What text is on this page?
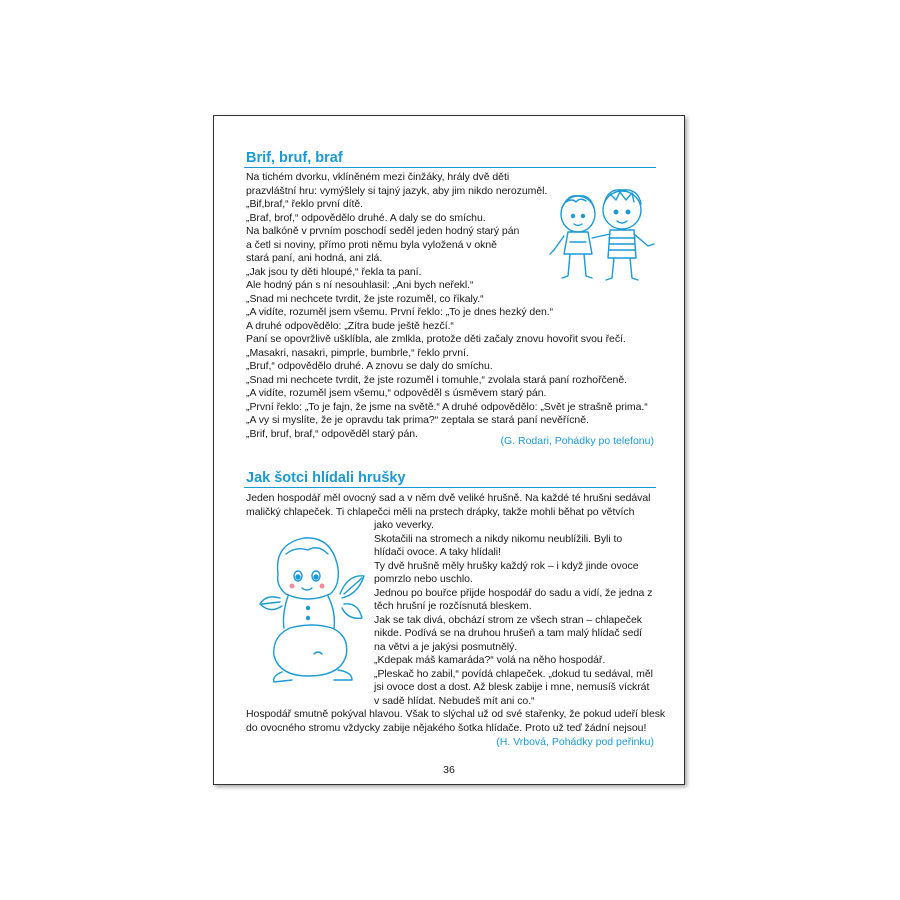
Brif, bruf, braf
Na tichém dvorku, vklíněném mezi činžáky, hrály dvě děti
prazvláštní hru: vymýšlely si tajný jazyk, aby jim nikdo nerozuměl.
„Bif,braf,“ řeklo první dítě.
„Braf, brof,“ odpovědělo druhé. A daly se do smíchu.
Na balkóně v prvním poschodí seděl jeden hodný starý pán
a četl si noviny, přímo proti němu byla vyložená v okně
stará paní, ani hodná, ani zlá.
„Jak jsou ty děti hloupé,“ řekla ta paní.
Ale hodný pán s ní nesouhlasil: „Ani bych neřekl.“
„Snad mi nechcete tvrdit, že jste rozuměl, co říkaly.“
„A vidíte, rozuměl jsem všemu. První řeklo: „To je dnes hezký den.“
A druhé odpovědělo: „Zítra bude ještě hezčí.“
Paní se opovržlivě ušklíbla, ale zmlkla, protože děti začaly znovu hovořit svou řečí.
„Masakri, nasakri, pimprle, bumbrle,“ řeklo první.
„Bruf,“ odpovědělo druhé. A znovu se daly do smíchu.
„Snad mi nechcete tvrdit, že jste rozuměl i tomuhle,“ zvolala stará paní rozhořčeně.
„A vidíte, rozuměl jsem všemu,“ odpověděl s úsměvem starý pán.
„První řeklo: „To je fajn, že jsme na světě.“ A druhé odpovědělo: „Svět je strašně prima.“
„A vy si myslíte, že je opravdu tak prima?“ zeptala se stará paní nevěřícně.
„Brif, bruf, braf,“ odpověděl starý pán.

(G. Rodari, Pohádky po telefonu)

Jak šotci hlídali hrušky
Jeden hospodář měl ovocný sad a v něm dvě veliké hrušně. Na každé té hrušni sedával
maličký chlapeček. Ti chlapečci měli na prstech drápky, takže mohli běhat po větvích
jako veverky.
Skotačili na stromech a nikdy nikomu neublížili. Byli to
hlídači ovoce. A taky hlídali!
Ty dvě hrušně měly hrušky každý rok – i když jinde ovoce
pomrzlo nebo uschlo.
Jednou po bouřce přijde hospodář do sadu a vidí, že jedna z
těch hrušní je rozčísnutá bleskem.
Jak se tak divá, obchází strom ze všech stran – chlapeček
nikde. Podívá se na druhou hrušeň a tam malý hlídač sedí
na větvi a je jakýsi posmutnělý.
„Kdepak máš kamaráda?“ volá na něho hospodář.
„Pleskač ho zabil,“ povídá chlapeček. „dokud tu sedával, měl
jsi ovoce dost a dost. Až blesk zabije i mne, nemusíš víckrát
v sadě hlídat. Nebudeš mít ani co.“
Hospodář smutně pokýval hlavou. Však to slýchal už od své stařenky, že pokud udeří blesk
do ovocného stromu vždycky zabije nějakého šotka hlídače. Proto už teď žádní nejsou!

(H. Vrbová, Pohádky pod peřinku)

36
